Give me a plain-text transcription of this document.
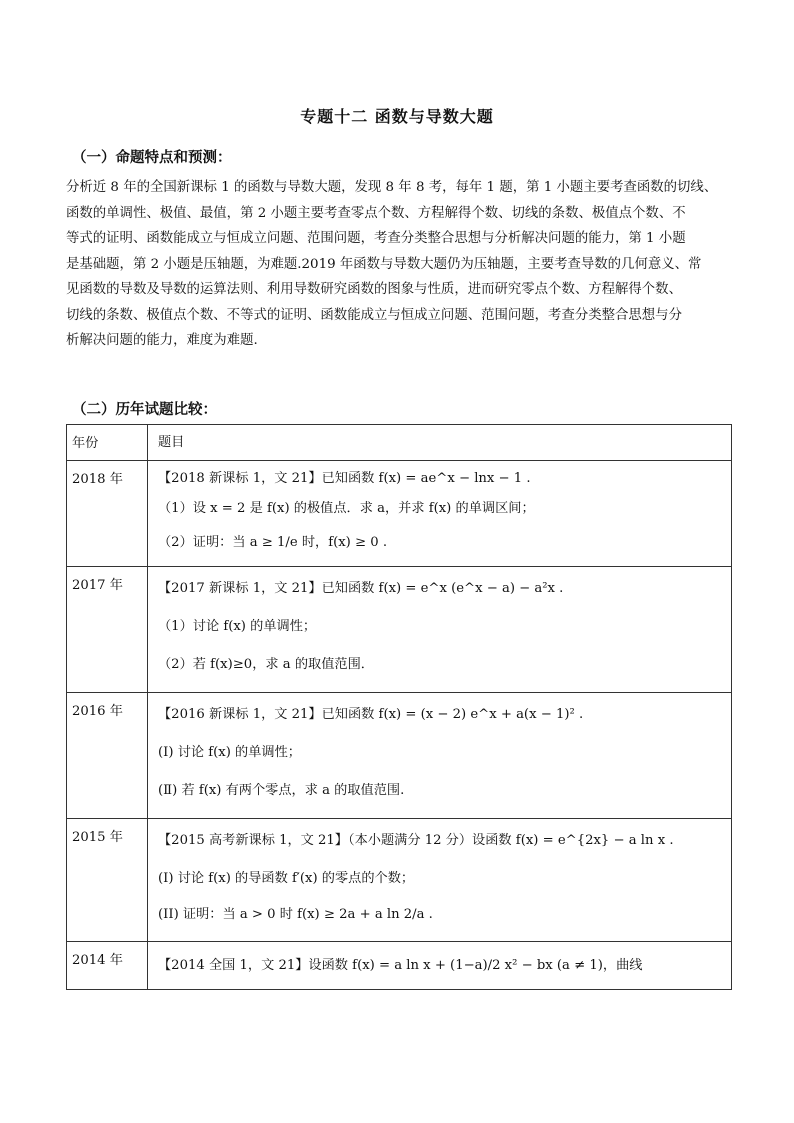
专题十二 函数与导数大题
（一）命题特点和预测：
分析近 8 年的全国新课标 1 的函数与导数大题，发现 8 年 8 考，每年 1 题，第 1 小题主要考查函数的切线、
函数的单调性、极值、最值，第 2 小题主要考查零点个数、方程解得个数、切线的条数、极值点个数、不
等式的证明、函数能成立与恒成立问题、范围问题，考查分类整合思想与分析解决问题的能力，第 1 小题
是基础题，第 2 小题是压轴题，为难题.2019 年函数与导数大题仍为压轴题，主要考查导数的几何意义、常
见函数的导数及导数的运算法则、利用导数研究函数的图象与性质，进而研究零点个数、方程解得个数、
切线的条数、极值点个数、不等式的证明、函数能成立与恒成立问题、范围问题，考查分类整合思想与分
析解决问题的能力，难度为难题.
（二）历年试题比较：
年份	题目
2018 年	【2018 新课标 1，文 21】已知函数 f(x) = ae^x − lnx − 1 .
（1）设 x = 2 是 f(x) 的极值点．求 a，并求 f(x) 的单调区间；
（2）证明：当 a ≥ 1/e 时，f(x) ≥ 0 .

2017 年	【2017 新课标 1，文 21】已知函数 f(x) = e^x (e^x − a) − a²x .
（1）讨论 f(x) 的单调性；
（2）若 f(x)≥0，求 a 的取值范围．

2016 年	【2016 新课标 1，文 21】已知函数 f(x) = (x − 2) e^x + a(x − 1)² .
(I) 讨论 f(x) 的单调性；
(Ⅱ) 若 f(x) 有两个零点，求 a 的取值范围.

2015 年	【2015 高考新课标 1，文 21】（本小题满分 12 分）设函数 f(x) = e^{2x} − a ln x .
(I) 讨论 f(x) 的导函数 f′(x) 的零点的个数；
(II) 证明：当 a > 0 时 f(x) ≥ 2a + a ln 2/a .

2014 年	【2014 全国 1，文 21】设函数 f(x) = a ln x + (1−a)/2 x² − bx (a ≠ 1)，曲线
